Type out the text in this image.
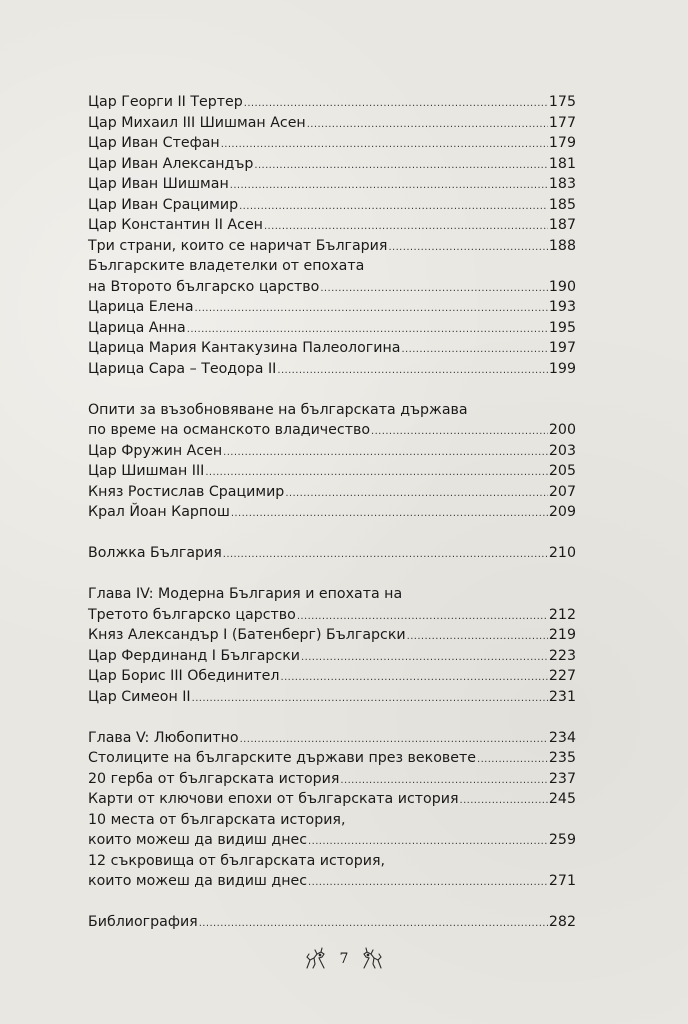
Цар Георги II Тертер .....	175
Цар Михаил III Шишман Асен .....	177
Цар Иван Стефан .....	179
Цар Иван Александър .....	181
Цар Иван Шишман .....	183
Цар Иван Срацимир .....	185
Цар Константин II Асен .....	187
Три страни, които се наричат България .....	188
Българските владетелки от епохата
на Второто българско царство .....	190
Царица Елена .....	193
Царица Анна .....	195
Царица Мария Кантакузина Палеологина .....	197
Царица Сара – Теодора II .....	199
Опити за възобновяване на българската държава
по време на османското владичество .....	200
Цар Фружин Асен .....	203
Цар Шишман III .....	205
Княз Ростислав Срацимир .....	207
Крал Йоан Карпош .....	209
Волжка България .....	210
Глава IV: Модерна България и епохата на
Третото българско царство .....	212
Княз Александър I (Батенберг) Български .....	219
Цар Фердинанд I Български .....	223
Цар Борис III Обединител .....	227
Цар Симеон II .....	231
Глава V: Любопитно .....	234
Столиците на българските държави през вековете .....	235
20 герба от българската история .....	237
Карти от ключови епохи от българската история .....	245
10 места от българската история,
които можеш да видиш днес .....	259
12 съкровища от българската история,
които можеш да видиш днес .....	271
Библиография .....	282
7
